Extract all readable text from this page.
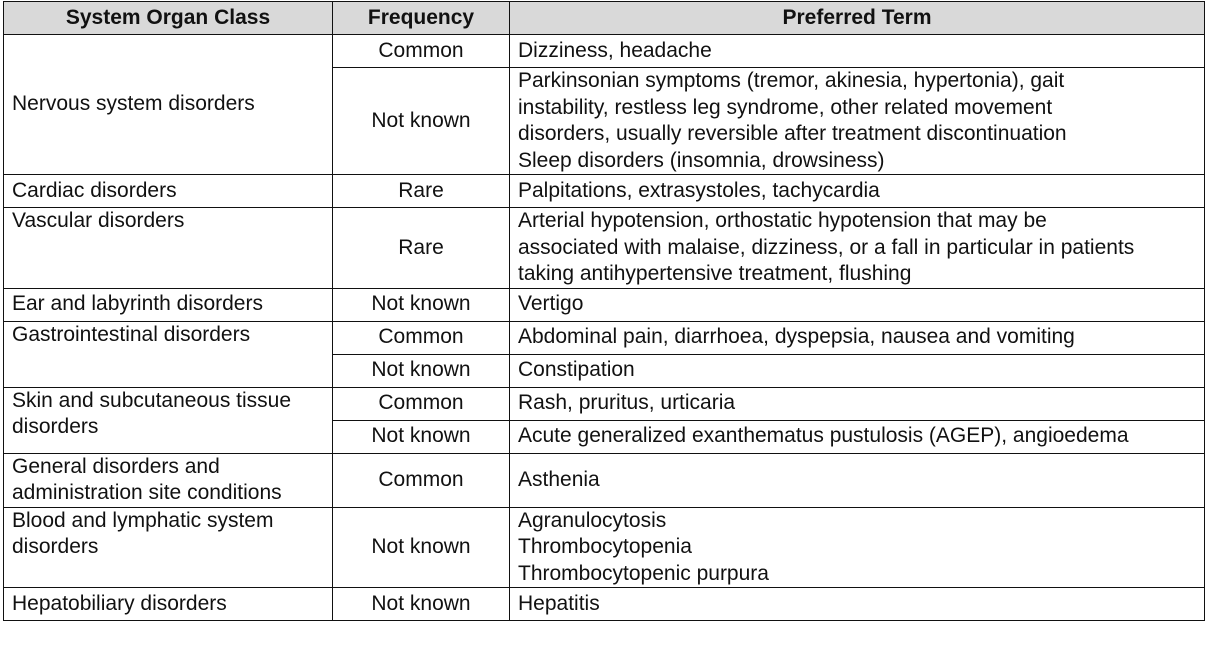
System Organ Class	Frequency	Preferred Term
Nervous system disorders	Common	Dizziness, headache

	Not known	Parkinsonian symptoms (tremor, akinesia, hypertonia), gait
instability, restless leg syndrome, other related movement
disorders, usually reversible after treatment discontinuation
Sleep disorders (insomnia, drowsiness)

Cardiac disorders	Rare	Palpitations, extrasystoles, tachycardia

Vascular disorders	Rare	Arterial hypotension, orthostatic hypotension that may be
associated with malaise, dizziness, or a fall in particular in patients
taking antihypertensive treatment, flushing

Ear and labyrinth disorders	Not known	Vertigo

Gastrointestinal disorders	Common	Abdominal pain, diarrhoea, dyspepsia, nausea and vomiting

	Not known	Constipation

Skin and subcutaneous tissue disorders	Common	Rash, pruritus, urticaria

	Not known	Acute generalized exanthematus pustulosis (AGEP), angioedema

General disorders and administration site conditions	Common	Asthenia

Blood and lymphatic system disorders	Not known	Agranulocytosis
Thrombocytopenia
Thrombocytopenic purpura

Hepatobiliary disorders	Not known	Hepatitis
